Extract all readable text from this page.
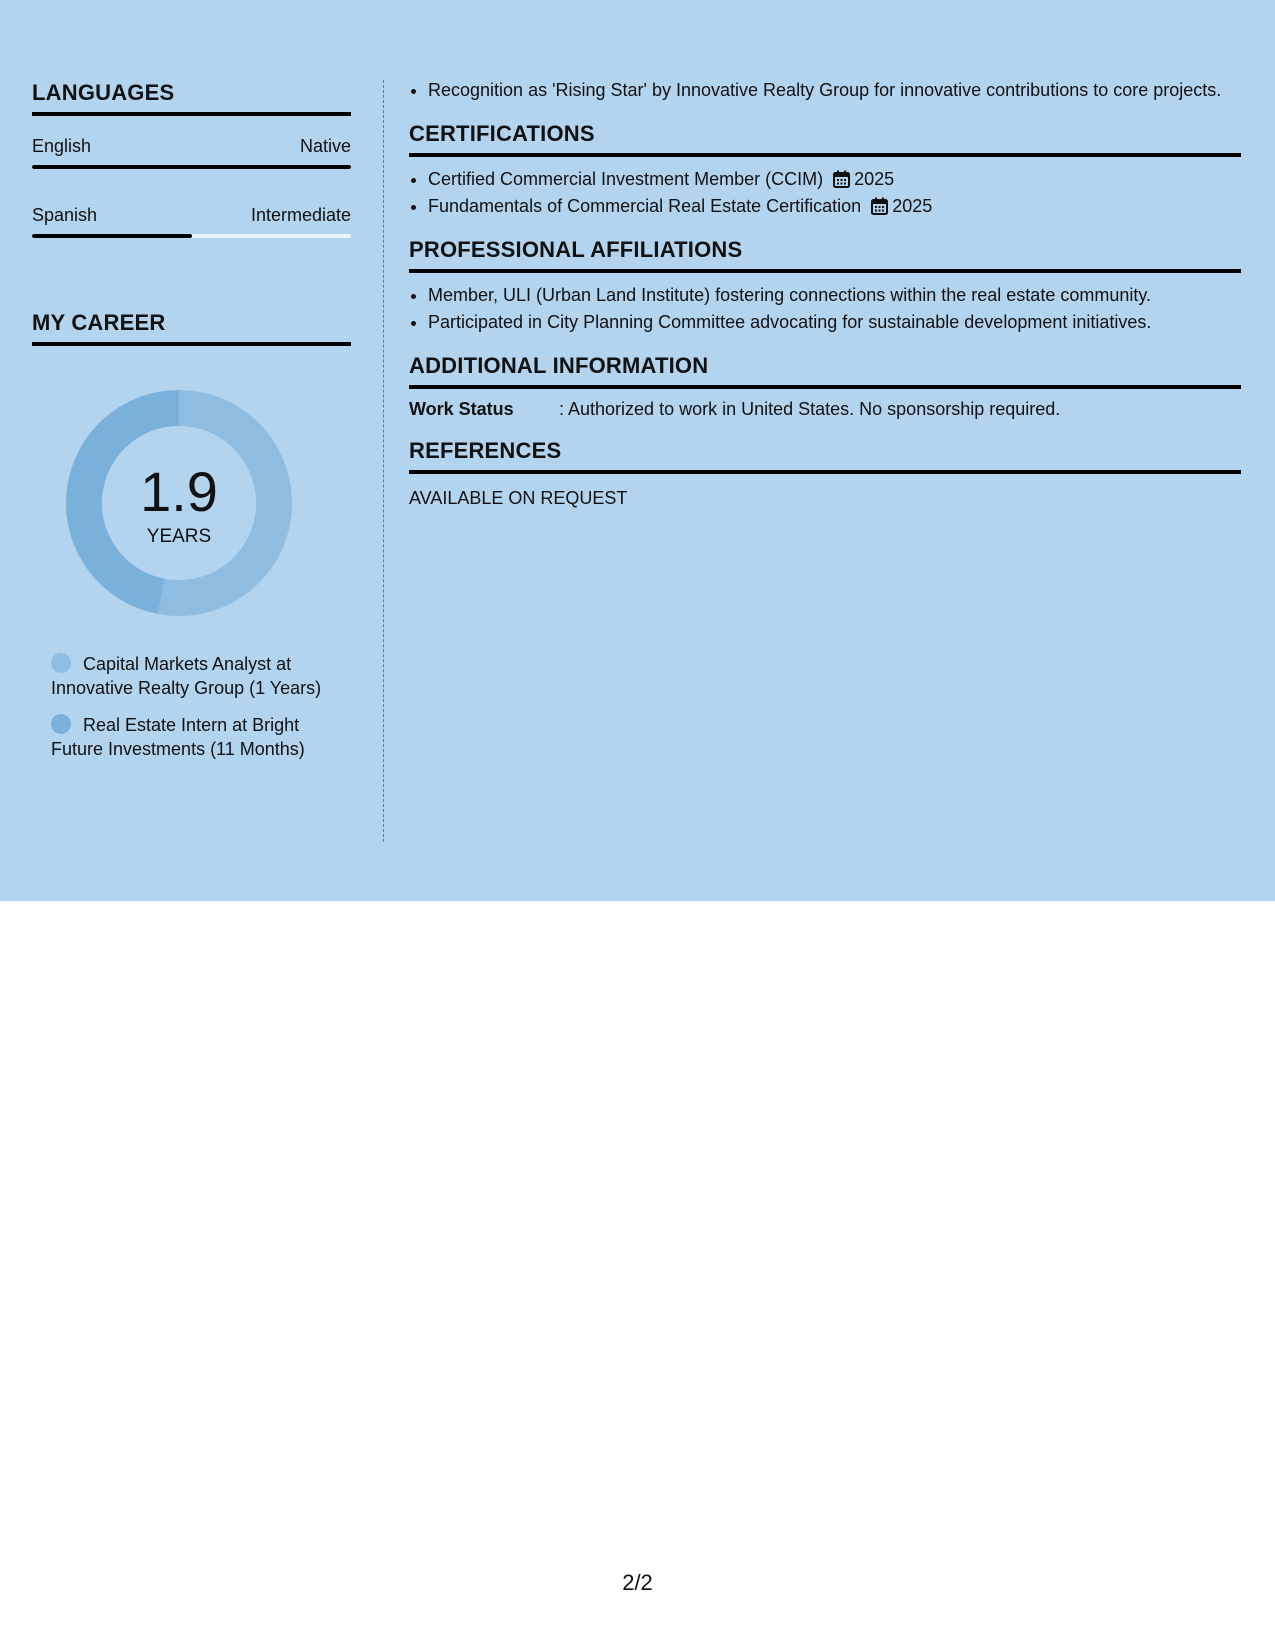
LANGUAGES
English	Native
Spanish	Intermediate
MY CAREER
1.9
YEARS
Capital Markets Analyst at Innovative Realty Group (1 Years)
Real Estate Intern at Bright Future Investments (11 Months)
• Recognition as 'Rising Star' by Innovative Realty Group for innovative contributions to core projects.
CERTIFICATIONS
• Certified Commercial Investment Member (CCIM) 2025
• Fundamentals of Commercial Real Estate Certification 2025
PROFESSIONAL AFFILIATIONS
• Member, ULI (Urban Land Institute) fostering connections within the real estate community.
• Participated in City Planning Committee advocating for sustainable development initiatives.
ADDITIONAL INFORMATION
Work Status	: Authorized to work in United States. No sponsorship required.
REFERENCES
AVAILABLE ON REQUEST
2/2
